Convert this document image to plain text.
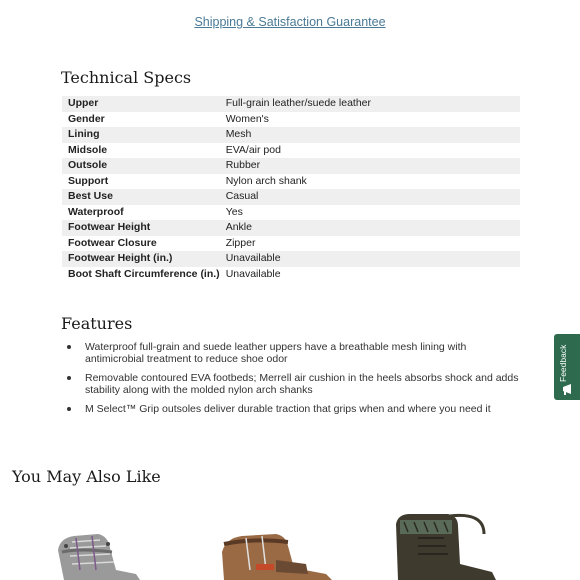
Shipping & Satisfaction Guarantee
Technical Specs
Upper	Full-grain leather/suede leather
Gender	Women's
Lining	Mesh
Midsole	EVA/air pod
Outsole	Rubber
Support	Nylon arch shank
Best Use	Casual
Waterproof	Yes
Footwear Height	Ankle
Footwear Closure	Zipper
Footwear Height (in.)	Unavailable
Boot Shaft Circumference (in.)	Unavailable
Features
Waterproof full-grain and suede leather uppers have a breathable mesh lining with antimicrobial treatment to reduce shoe odor
Removable contoured EVA footbeds; Merrell air cushion in the heels absorbs shock and adds stability along with the molded nylon arch shanks
M Select™ Grip outsoles deliver durable traction that grips when and where you need it
You May Also Like
Feedback
